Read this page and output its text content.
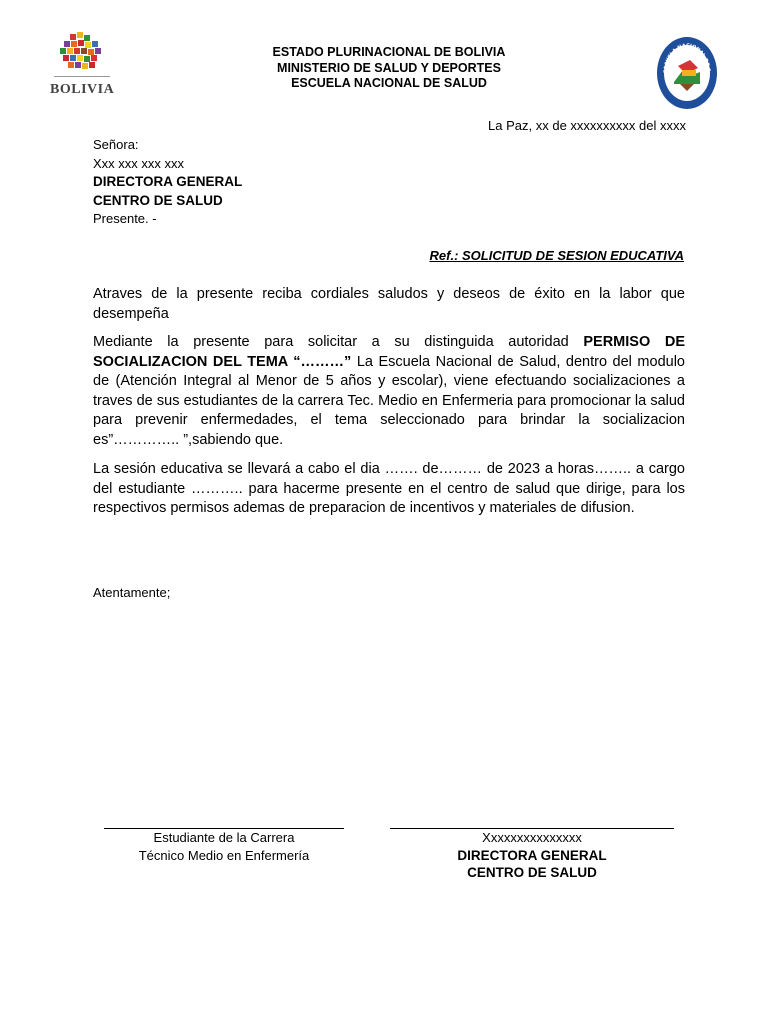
BOLIVIA
ESTADO PLURINACIONAL DE BOLIVIA
MINISTERIO DE SALUD Y DEPORTES
ESCUELA NACIONAL DE SALUD
ESCUELA NACIONAL DE S
La Paz, xx de xxxxxxxxxx del xxxx
Señora:
Xxx xxx xxx xxx
DIRECTORA GENERAL
CENTRO DE SALUD
Presente. -
Ref.: SOLICITUD DE SESION EDUCATIVA
Atraves de la presente reciba cordiales saludos y deseos de éxito en la labor que desempeña
Mediante la presente para solicitar a su distinguida autoridad PERMISO DE SOCIALIZACION DEL TEMA “………” La Escuela Nacional de Salud, dentro del modulo de (Atención Integral al Menor de 5 años y escolar), viene efectuando socializaciones a traves de sus estudiantes de la carrera Tec. Medio en Enfermeria para promocionar la salud para prevenir enfermedades, el tema seleccionado para brindar la socializacion es”………….. ”,sabiendo que.
La sesión educativa se llevará a cabo el dia ……. de……… de 2023 a horas…….. a cargo del estudiante ……….. para hacerme presente en el centro de salud que dirige, para los respectivos permisos ademas de preparacion de incentivos y materiales de difusion.
Atentamente;
Estudiante de la Carrera
Técnico Medio en Enfermería
Xxxxxxxxxxxxxxx
DIRECTORA GENERAL
CENTRO DE SALUD
